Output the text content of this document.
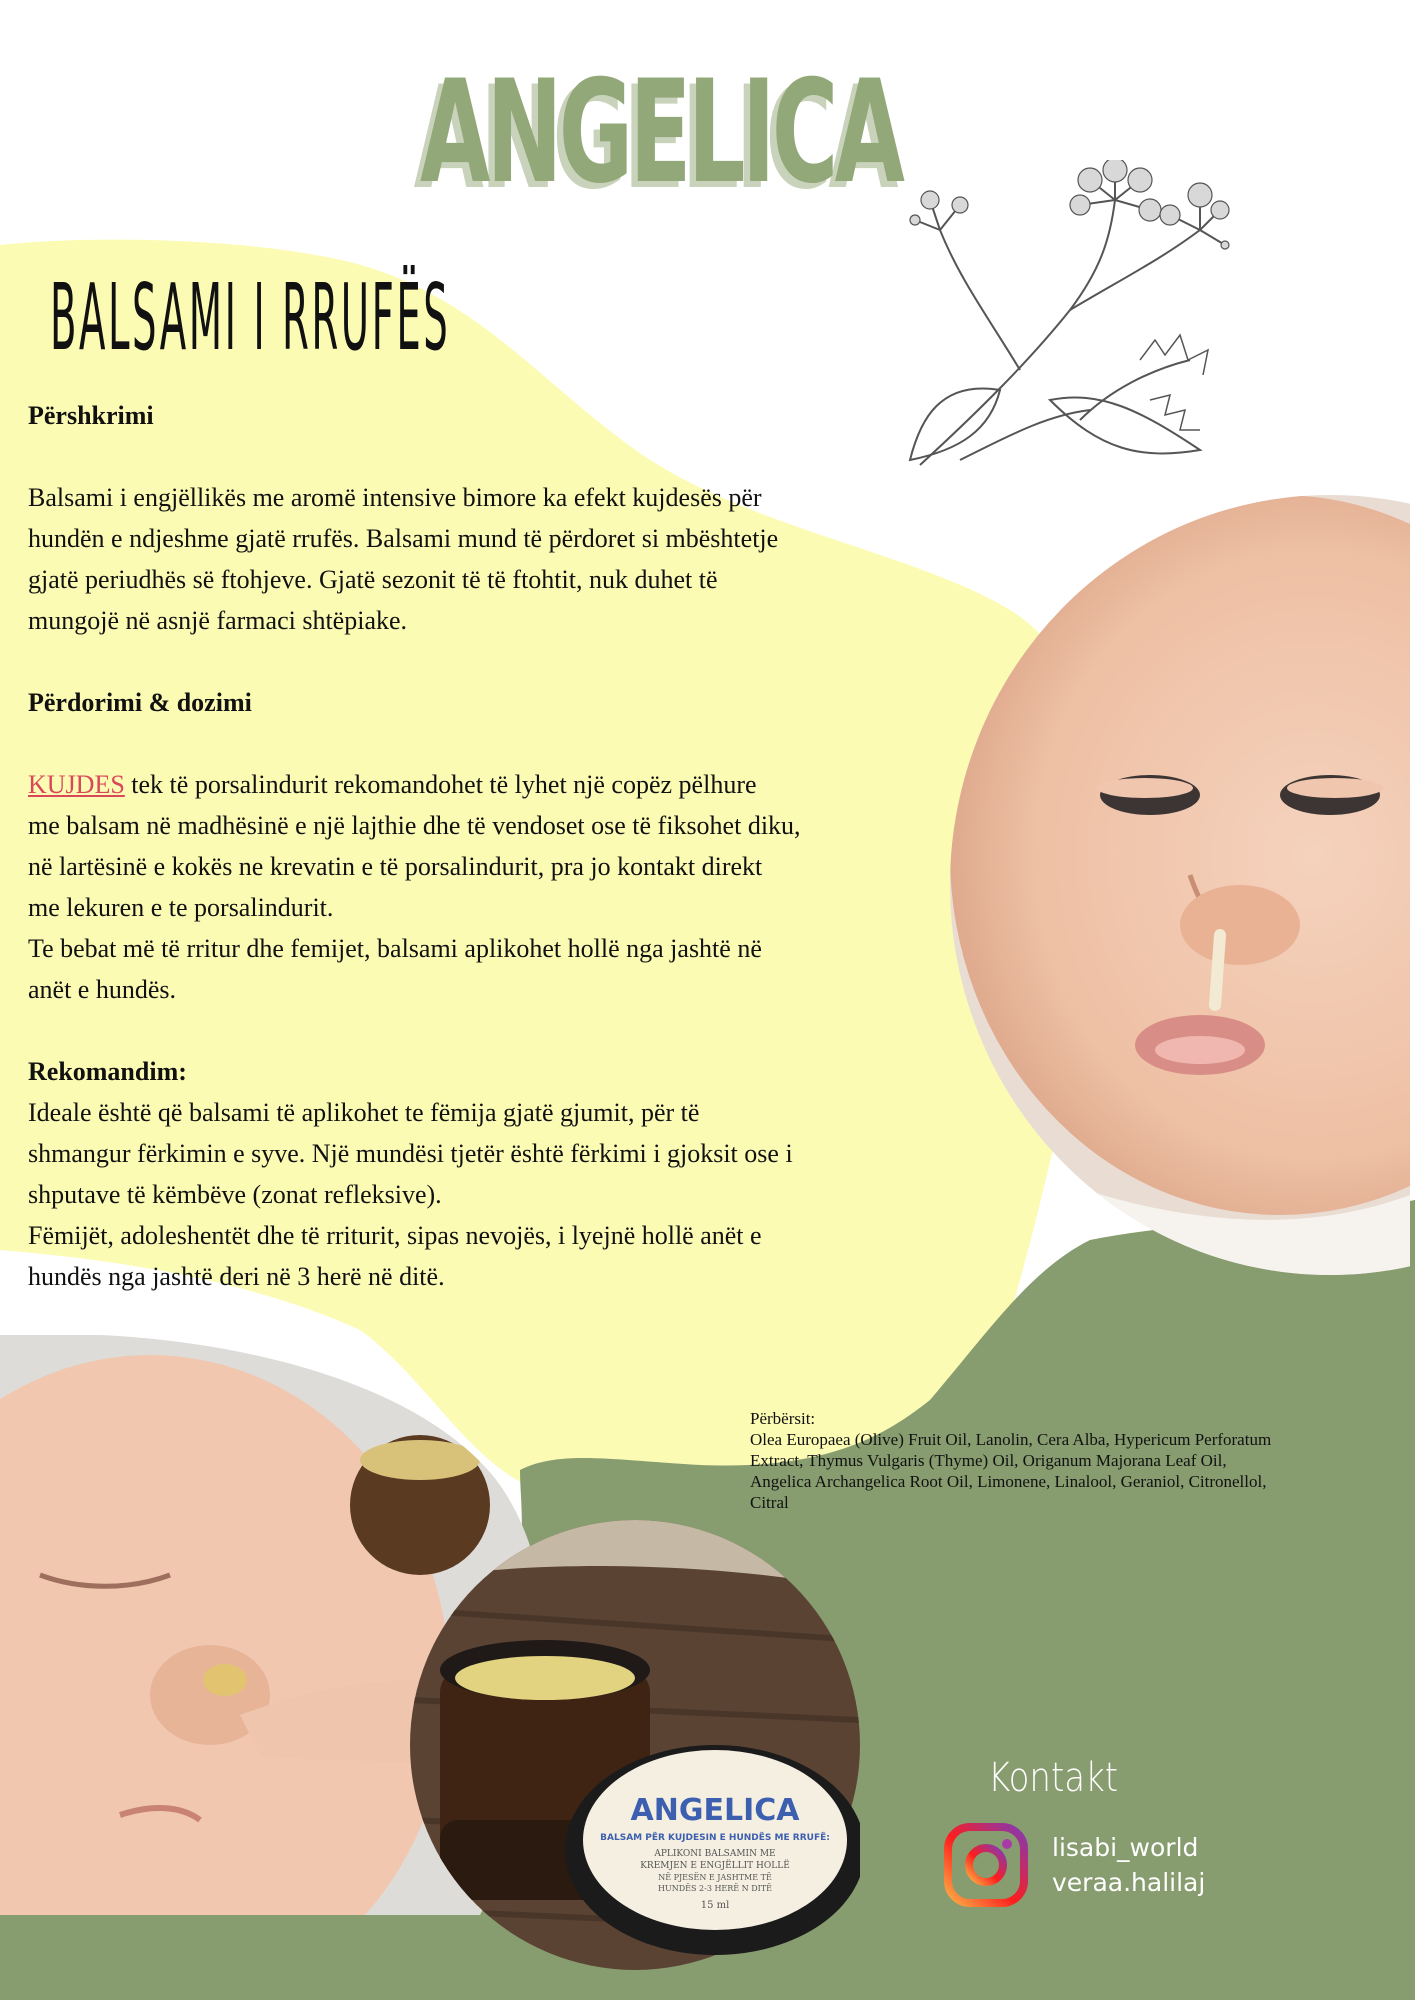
ANGELICA
BALSAMI I RRUFËS
Përshkrimi
Balsami i engjëllikës me aromë intensive bimore ka efekt kujdesës për
hundën e ndjeshme gjatë rrufës. Balsami mund të përdoret si mbështetje
gjatë periudhës së ftohjeve. Gjatë sezonit të të ftohtit, nuk duhet të
mungojë në asnjë farmaci shtëpiake.
Përdorimi & dozimi
KUJDES tek të porsalindurit rekomandohet të lyhet një copëz pëlhure
me balsam në madhësinë e një lajthie dhe të vendoset ose të fiksohet diku,
në lartësinë e kokës ne krevatin e të porsalindurit, pra jo kontakt direkt
me lekuren e te porsalindurit.
Te bebat më të rritur dhe femijet, balsami aplikohet hollë nga jashtë në
anët e hundës.
Rekomandim:
Ideale është që balsami të aplikohet te fëmija gjatë gjumit, për të
shmangur fërkimin e syve. Një mundësi tjetër është fërkimi i gjoksit ose i
shputave të këmbëve (zonat refleksive).
Fëmijët, adoleshentët dhe të rriturit, sipas nevojës, i lyejnë hollë anët e
hundës nga jashtë deri në 3 herë në ditë.
ANGELICA
BALSAM PËR KUJDESIN E HUNDËS ME RRUFË:
APLIKONI BALSAMIN ME
KREMJEN E ENGJËLLIT HOLLË
NË PJESËN E JASHTME TË
HUNDËS 2-3 HERË N DITË
15 ml
Përbërsit:
Olea Europaea (Olive) Fruit Oil, Lanolin, Cera Alba, Hypericum Perforatum
Extract, Thymus Vulgaris (Thyme) Oil, Origanum Majorana Leaf Oil,
Angelica Archangelica Root Oil, Limonene, Linalool, Geraniol, Citronellol,
Citral
Kontakt
lisabi_world
veraa.halilaj
